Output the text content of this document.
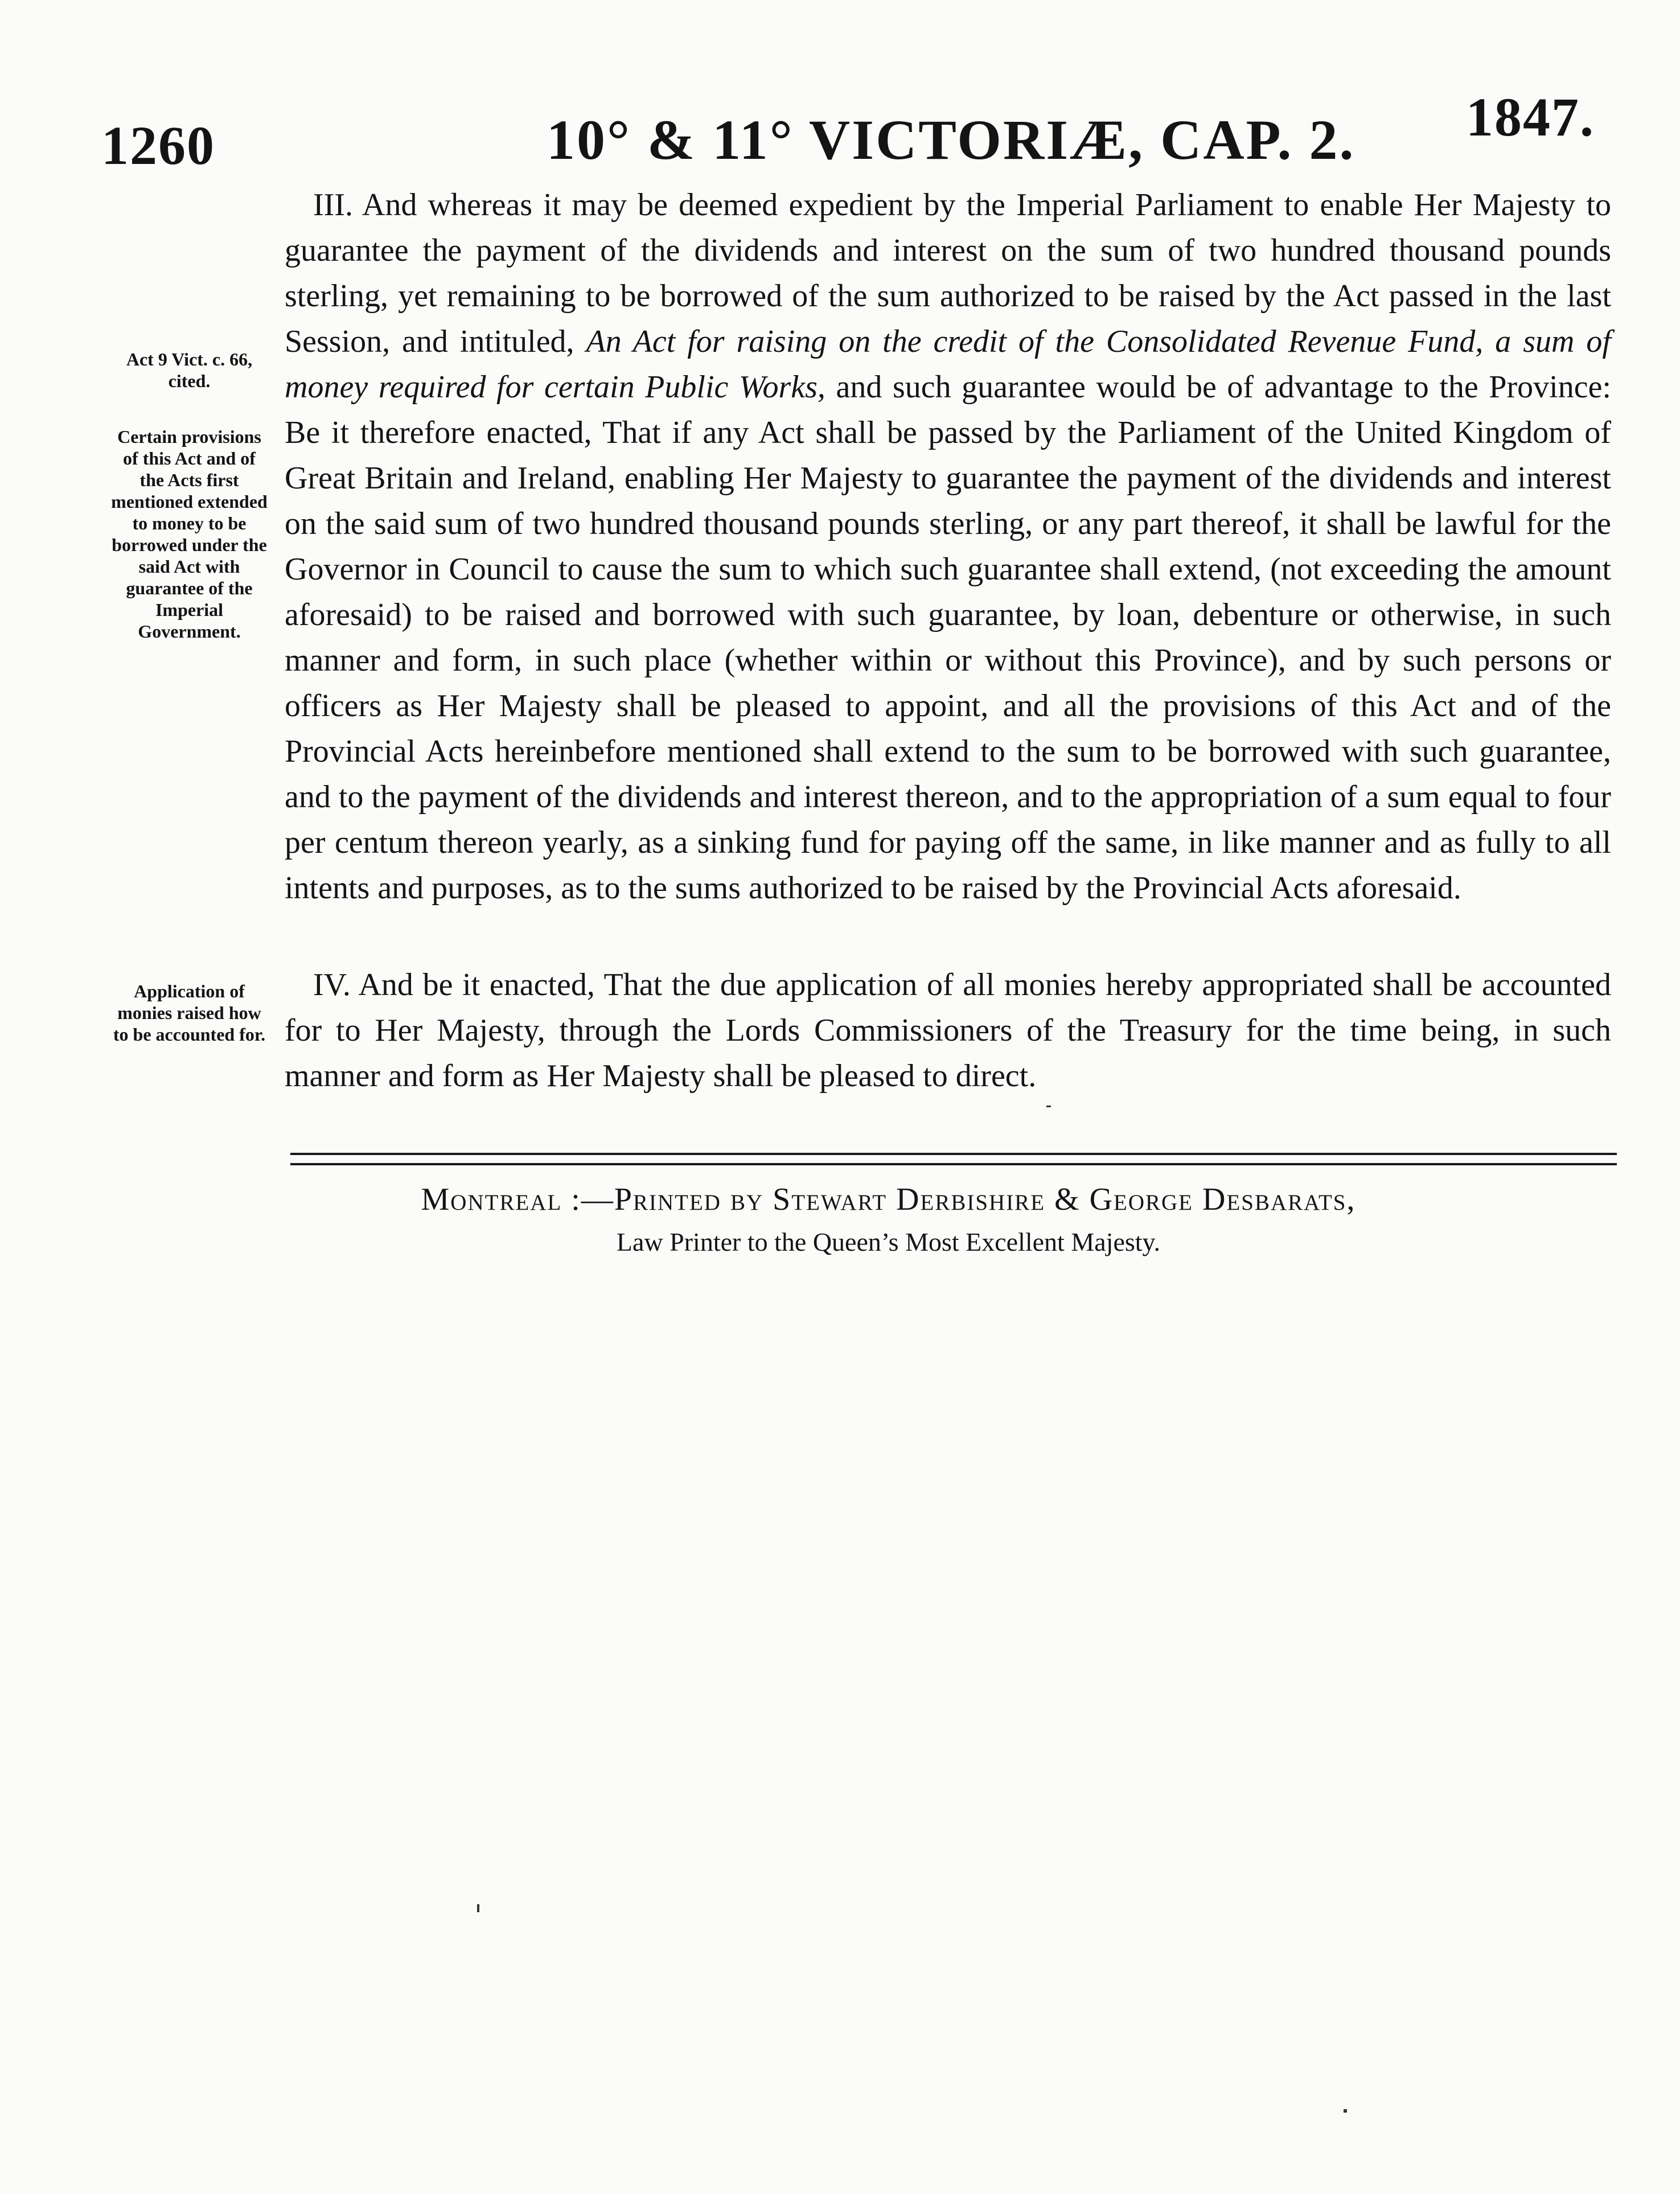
1260	10° & 11° VICTORIÆ, CAP. 2. 1847.
Act 9 Vict. c. 66, cited.
Certain provisions of this Act and of the Acts first mentioned extended to money to be borrowed under the said Act with guarantee of the Imperial Government.
Application of monies raised how to be accounted for.

III. And whereas it may be deemed expedient by the Imperial Parliament to enable Her Majesty to guarantee the payment of the dividends and interest on the sum of two hundred thousand pounds sterling, yet remaining to be borrowed of the sum authorized to be raised by the Act passed in the last Session, and intituled, An Act for raising on the credit of the Consolidated Revenue Fund, a sum of money required for certain Public Works, and such guarantee would be of advantage to the Province: Be it therefore enacted, That if any Act shall be passed by the Parliament of the United Kingdom of Great Britain and Ireland, enabling Her Majesty to guarantee the payment of the dividends and interest on the said sum of two hundred thousand pounds sterling, or any part thereof, it shall be lawful for the Governor in Council to cause the sum to which such guarantee shall extend, (not exceeding the amount aforesaid) to be raised and borrowed with such guarantee, by loan, debenture or otherwise, in such manner and form, in such place (whether within or without this Province), and by such persons or officers as Her Majesty shall be pleased to appoint, and all the provisions of this Act and of the Provincial Acts hereinbefore mentioned shall extend to the sum to be borrowed with such guarantee, and to the payment of the dividends and interest thereon, and to the appropriation of a sum equal to four per centum thereon yearly, as a sinking fund for paying off the same, in like manner and as fully to all intents and purposes, as to the sums authorized to be raised by the Provincial Acts aforesaid.

IV. And be it enacted, That the due application of all monies hereby appropriated shall be accounted for to Her Majesty, through the Lords Commissioners of the Treasury for the time being, in such manner and form as Her Majesty shall be pleased to direct.

Montreal :—Printed by Stewart Derbishire & George Desbarats,
Law Printer to the Queen’s Most Excellent Majesty.
